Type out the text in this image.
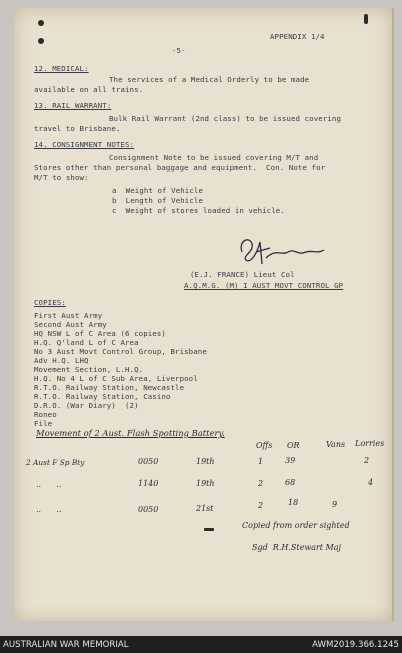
APPENDIX 1/4
-5-
12. MEDICAL:
The services of a Medical Orderly to be made
available on all trains.
13. RAIL WARRANT:
Bulk Rail Warrant (2nd class) to be issued covering
travel to Brisbane.
14. CONSIGNMENT NOTES:
Consignment Note to be issued covering M/T and
Stores other than personal baggage and equipment.  Con. Note for
M/T to show:
a  Weight of Vehicle
b  Length of Vehicle
c  Weight of stores loaded in vehicle.
(E.J. FRANCE) Lieut Col
A.Q.M.G. (M) I AUST MOVT CONTROL GP
COPIES:
First Aust Army
Second Aust Army
HQ NSW L of C Area (6 copies)
H.Q. Q'land L of C Area
No 3 Aust Movt Control Group, Brisbane
Adv H.Q. LHQ
Movement Section, L.H.Q.
H.Q. No 4 L of C Sub Area, Liverpool
R.T.O. Railway Station, Newcastle
R.T.O. Railway Station, Casino
D.R.O. (War Diary)  (2)
Roneo
File
Movement of 2 Aust. Flash Spotting Battery.
Offs OR	Vans Lorries
2 Aust F Sp Bty	0050	19th	1	39	2
..      ..	1140	19th	2	68	4
..      ..	0050	21st	2	18	9
Copied from order sighted
Sgd  R.H.Stewart Maj
AUSTRALIAN WAR MEMORIAL	AWM2019.366.1245
